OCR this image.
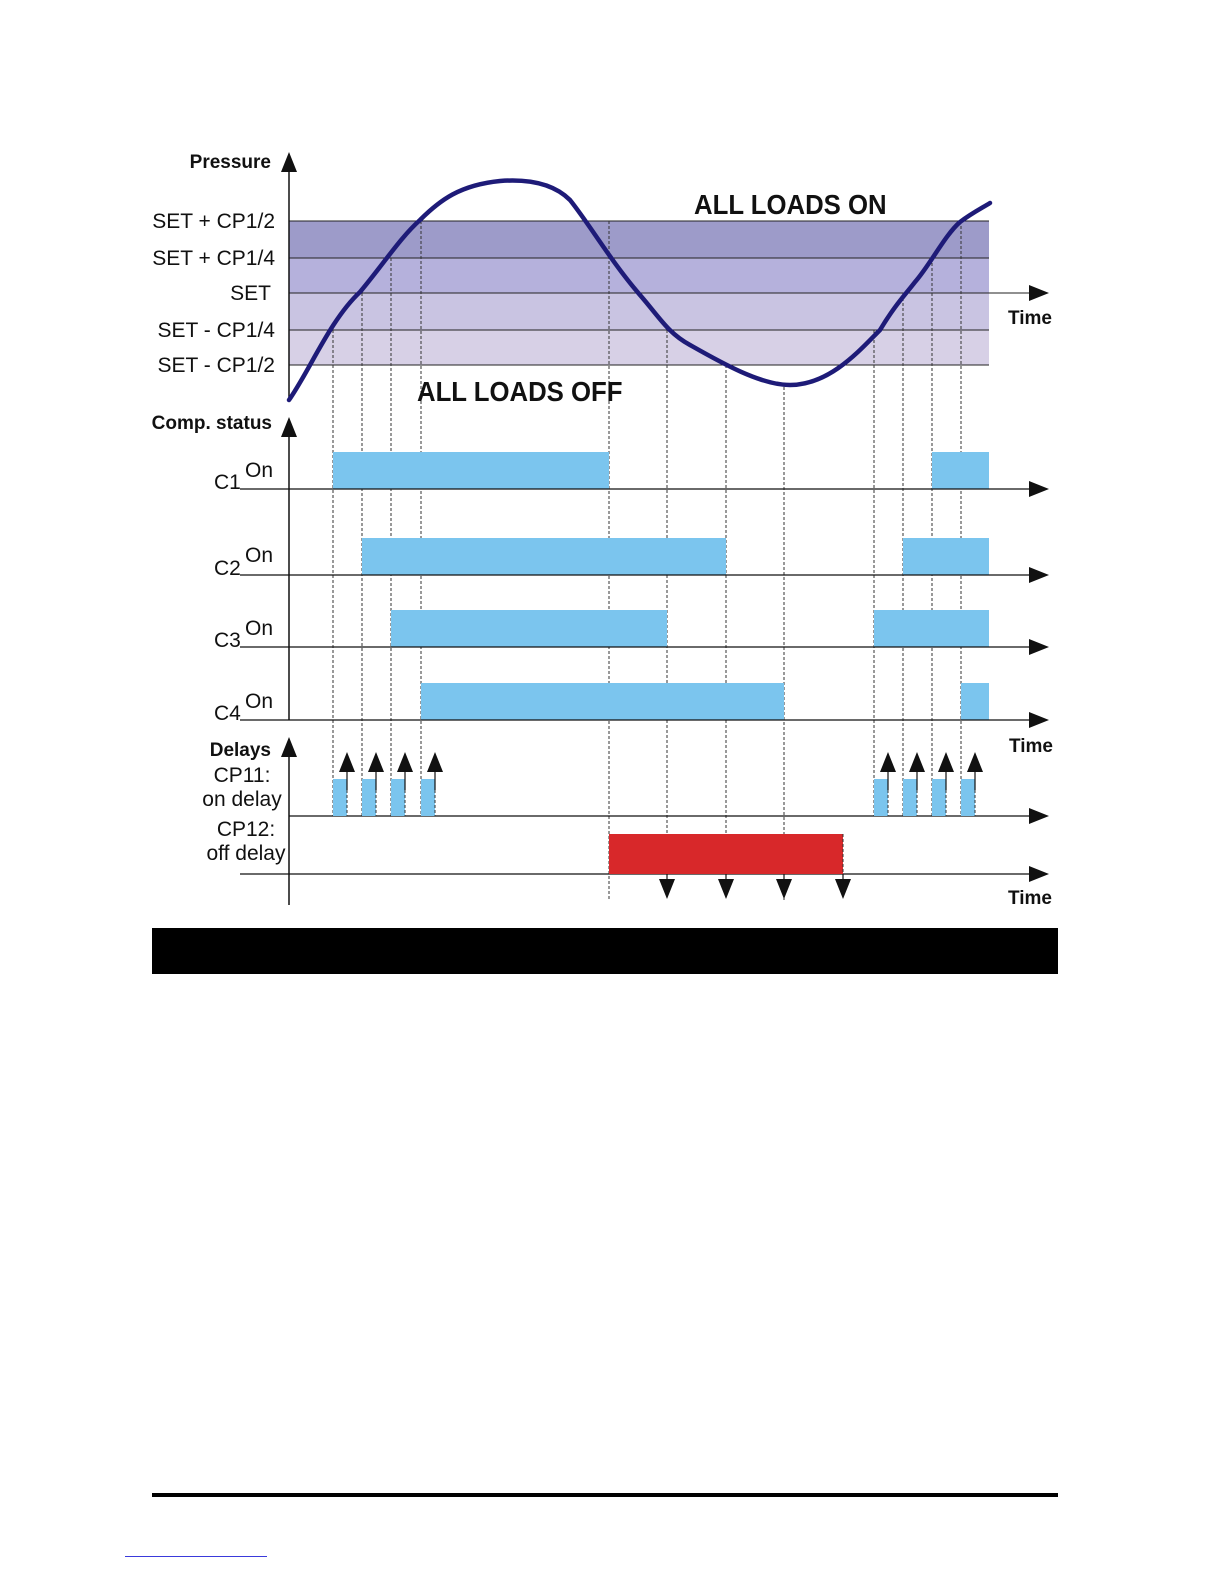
Pressure
SET + CP1/2
SET + CP1/4
SET
SET - CP1/4
SET - CP1/2
ALL LOADS ON
ALL LOADS OFF
Time
Comp. status
C1
On
C2
On
C3
On
C4
On
Time
Delays
CP11:
on delay
CP12:
off delay
Time
